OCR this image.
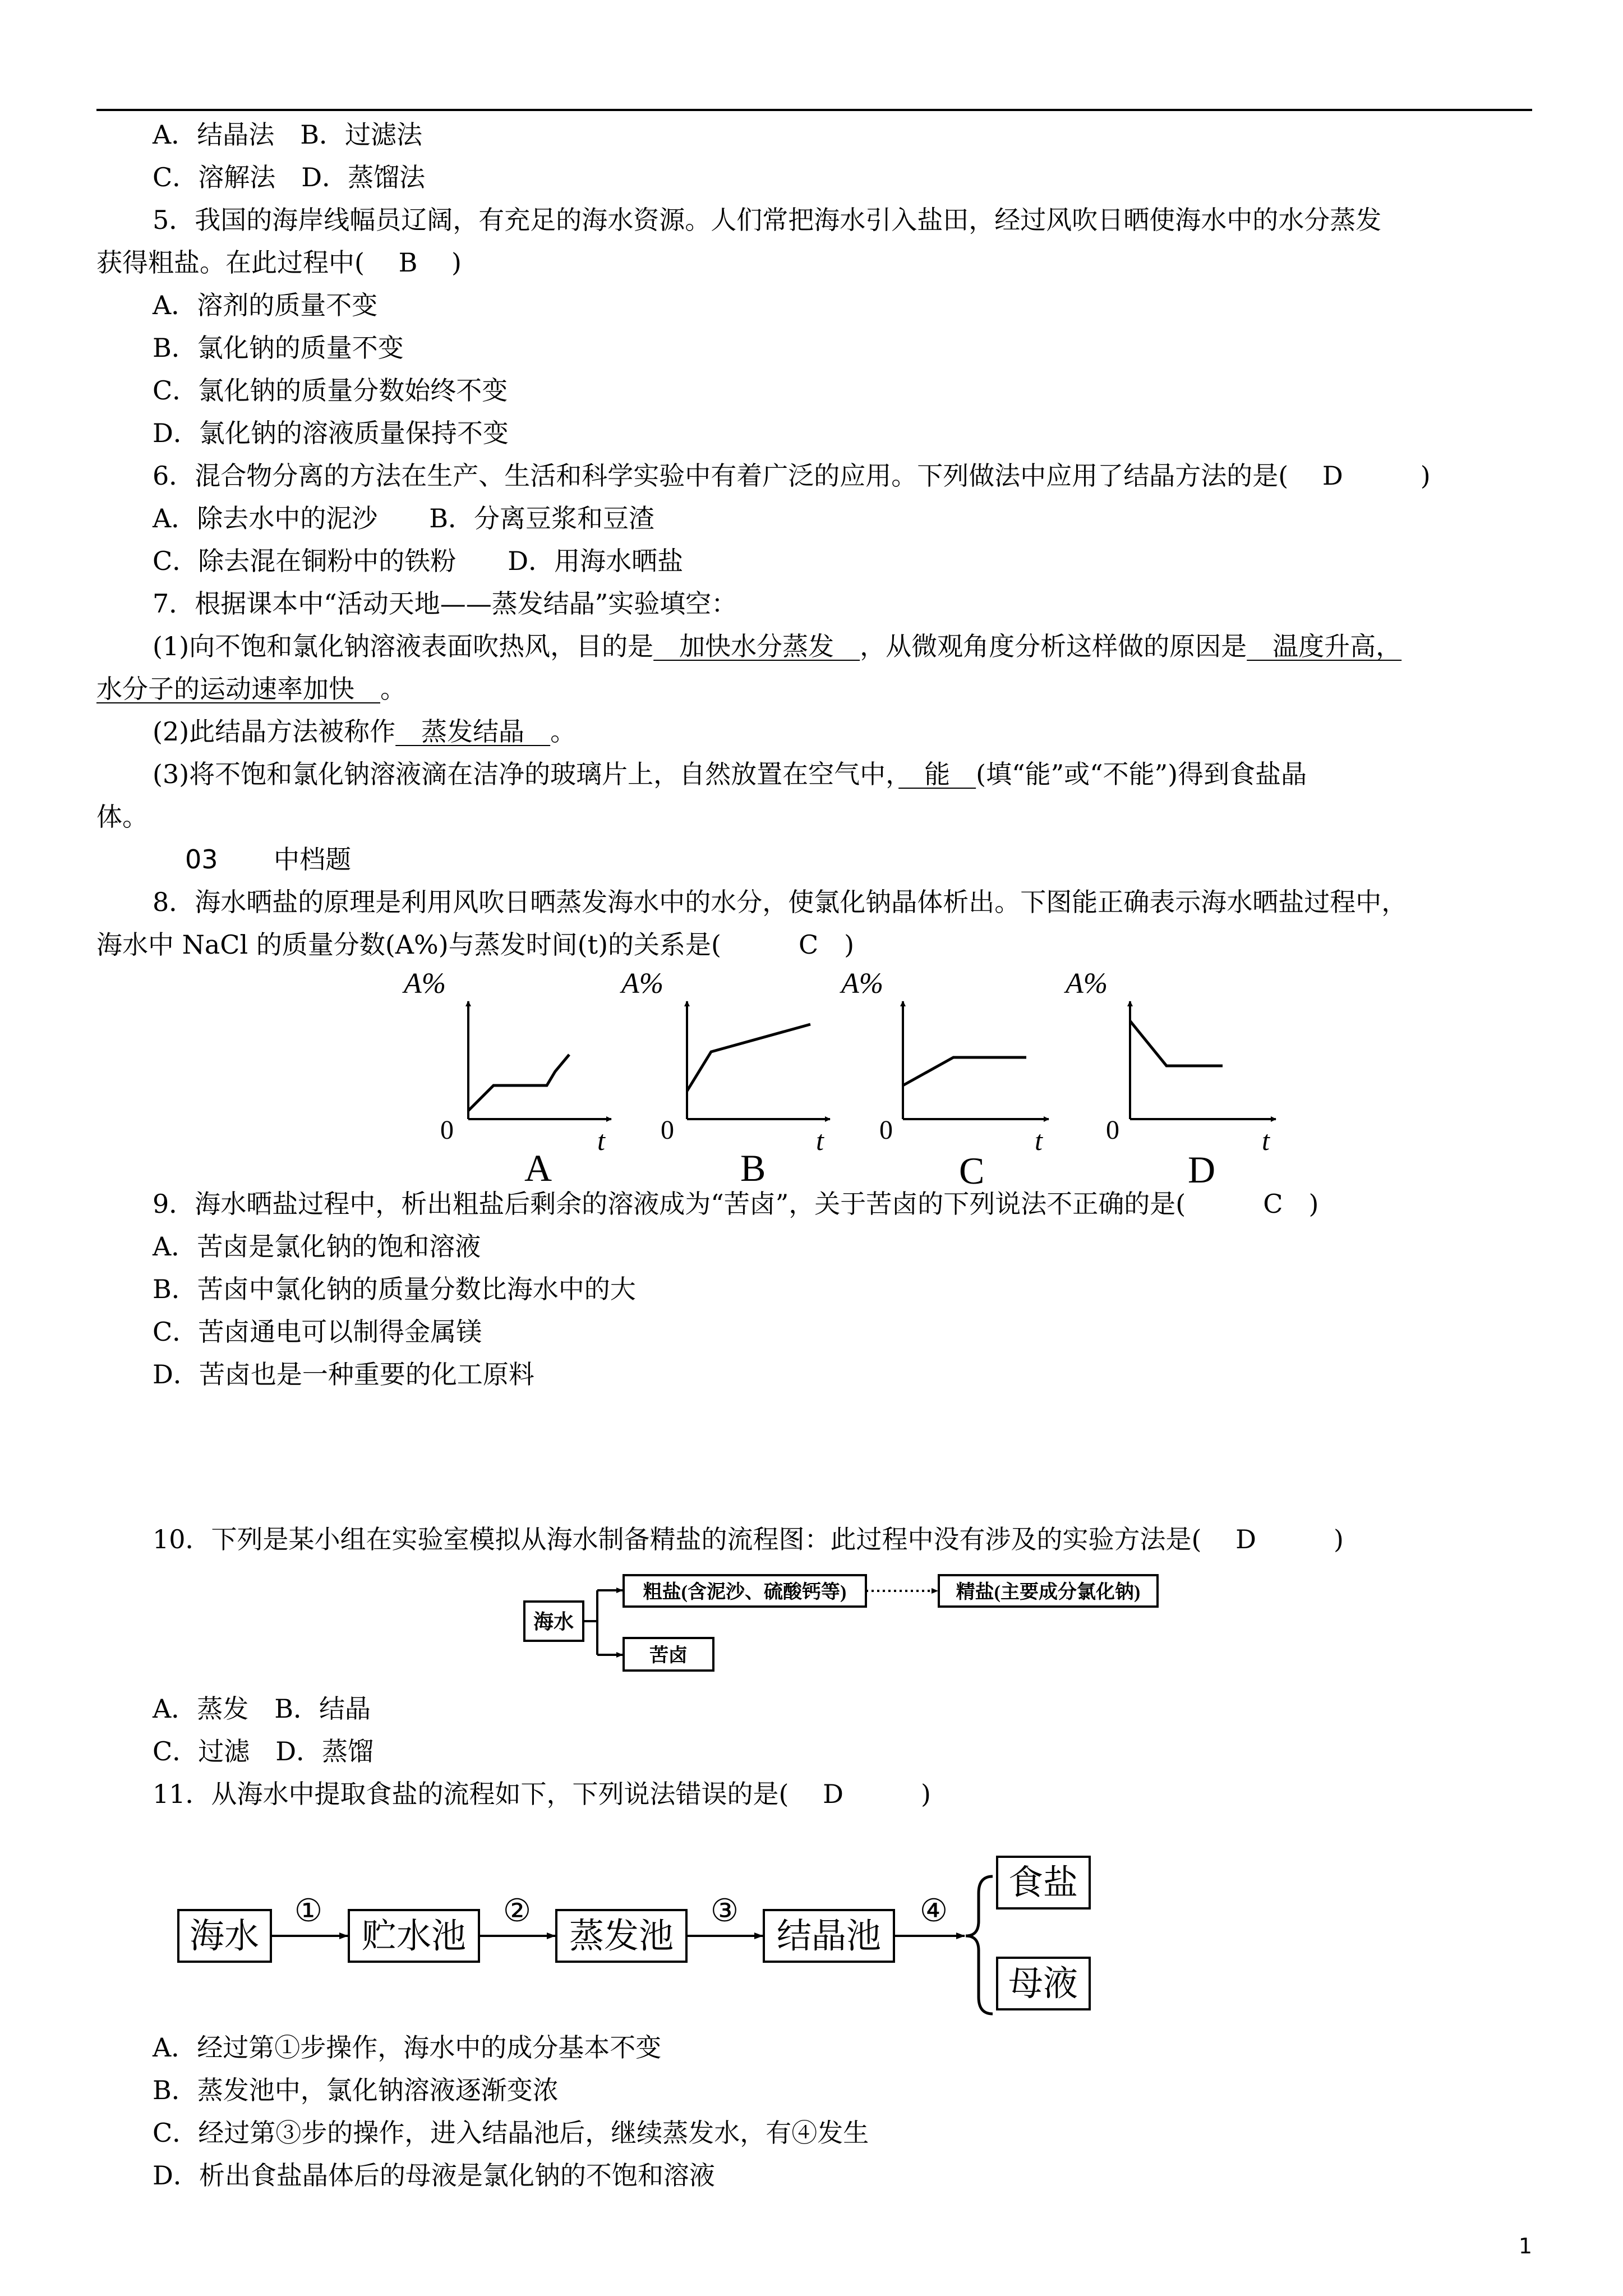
A．结晶法　B．过滤法
C．溶解法　D．蒸馏法
5．我国的海岸线幅员辽阔，有充足的海水资源。人们常把海水引入盐田，经过风吹日晒使海水中的水分蒸发
获得粗盐。在此过程中(　 B　 )
A．溶剂的质量不变
B．氯化钠的质量不变
C．氯化钠的质量分数始终不变
D．氯化钠的溶液质量保持不变
6．混合物分离的方法在生产、生活和科学实验中有着广泛的应用。下列做法中应用了结晶方法的是(　 D　　　)
A．除去水中的泥沙　　B．分离豆浆和豆渣
C．除去混在铜粉中的铁粉　　D．用海水晒盐
7．根据课本中“活动天地——蒸发结晶”实验填空：
(1)向不饱和氯化钠溶液表面吹热风，目的是　加快水分蒸发　，从微观角度分析这样做的原因是　温度升高，
水分子的运动速率加快　 。
(2)此结晶方法被称作　蒸发结晶　。
(3)将不饱和氯化钠溶液滴在洁净的玻璃片上，自然放置在空气中，　能　(填“能”或“不能”)得到食盐晶
体。
03 中档题
8．海水晒盐的原理是利用风吹日晒蒸发海水中的水分，使氯化钠晶体析出。下图能正确表示海水晒盐过程中，
海水中 NaCl 的质量分数(A%)与蒸发时间(t)的关系是(　　　C　)
A%
0	t
A
A%
0	t
B
A%
0	t
C
A%
0	t
D
9．海水晒盐过程中，析出粗盐后剩余的溶液成为“苦卤”，关于苦卤的下列说法不正确的是(　　　C　)
A．苦卤是氯化钠的饱和溶液
B．苦卤中氯化钠的质量分数比海水中的大
C．苦卤通电可以制得金属镁
D．苦卤也是一种重要的化工原料
10．下列是某小组在实验室模拟从海水制备精盐的流程图：此过程中没有涉及的实验方法是(　 D　　　)
海水
粗盐(含泥沙、硫酸钙等)	精盐(主要成分氯化钠)
苦卤
A．蒸发　B．结晶
C．过滤　D．蒸馏
11．从海水中提取食盐的流程如下，下列说法错误的是(　 D　　　)
海水
①
贮水池
②
蒸发池
③
结晶池
④
食盐
母液
A．经过第①步操作，海水中的成分基本不变
B．蒸发池中，氯化钠溶液逐渐变浓
C．经过第③步的操作，进入结晶池后，继续蒸发水，有④发生
D．析出食盐晶体后的母液是氯化钠的不饱和溶液
1
